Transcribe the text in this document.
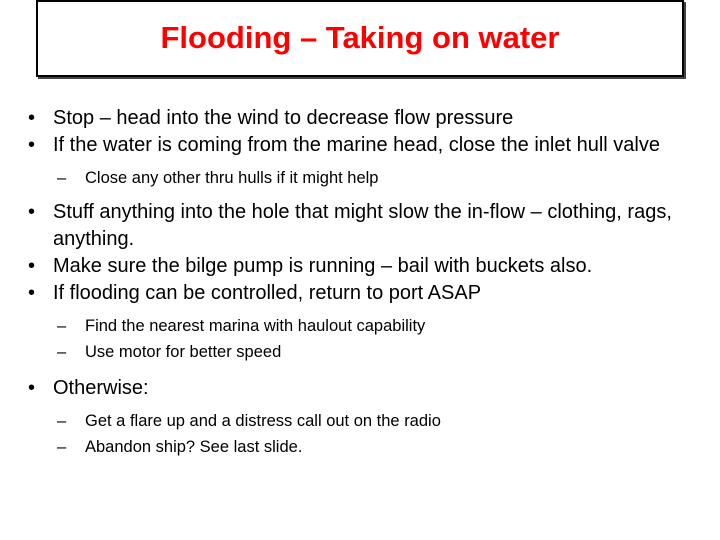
Flooding – Taking on water
• Stop – head into the wind to decrease flow pressure
• If the water is coming from the marine head, close the inlet hull valve
– Close any other thru hulls if it might help
• Stuff anything into the hole that might slow the in-flow – clothing, rags, anything.
• Make sure the bilge pump is running – bail with buckets also.
• If flooding can be controlled, return to port ASAP
– Find the nearest marina with haulout capability
– Use motor for better speed
• Otherwise:
– Get a flare up and a distress call out on the radio
– Abandon ship? See last slide.
